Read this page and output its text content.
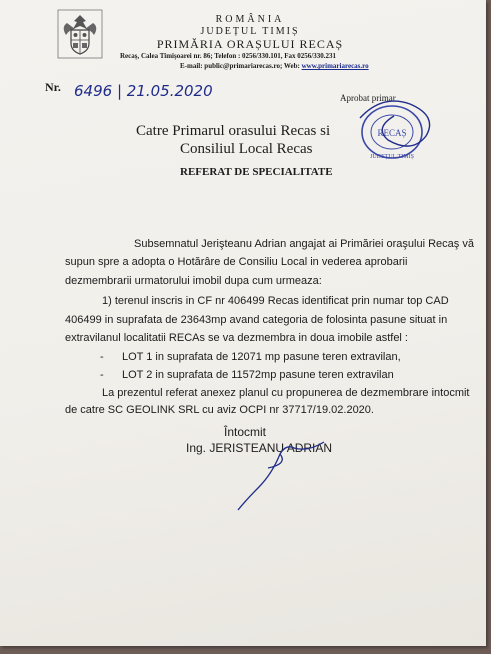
ROMÂNIA
JUDEȚUL TIMIȘ
PRIMĂRIA ORAȘULUI RECAȘ
Recaș, Calea Timișoarei nr. 86; Telefon : 0256/330.101, Fax 0256/330.231
E-mail: public@primariarecas.ro; Web: www.primariarecas.ro
Nr. 6496 | 21.05.2020	Aprobat primar
RECAȘ
JUDEȚUL TIMIȘ
Catre Primarul orasului Recas si
Consiliul Local Recas
REFERAT DE SPECIALITATE
Subsemnatul Jerişteanu Adrian angajat ai Primăriei oraşului Recaş vă
supun spre a adopta o Hotărâre de Consiliu Local in vederea aprobarii
dezmembrarii urmatorului imobil dupa cum urmeaza:
1) terenul inscris in CF nr 406499 Recas identificat prin numar top CAD
406499 in suprafata de 23643mp avand categoria de folosinta pasune situat in
extravilanul localitatii RECAs se va dezmembra in doua imobile astfel :
- LOT 1 in suprafata de 12071 mp pasune teren extravilan,
- LOT 2 in suprafata de 11572mp pasune teren extravilan
La prezentul referat anexez planul cu propunerea de dezmembrare intocmit
de catre SC GEOLINK SRL cu aviz OCPI nr 37717/19.02.2020.
Întocmit
Ing. JERISTEANU ADRIAN
